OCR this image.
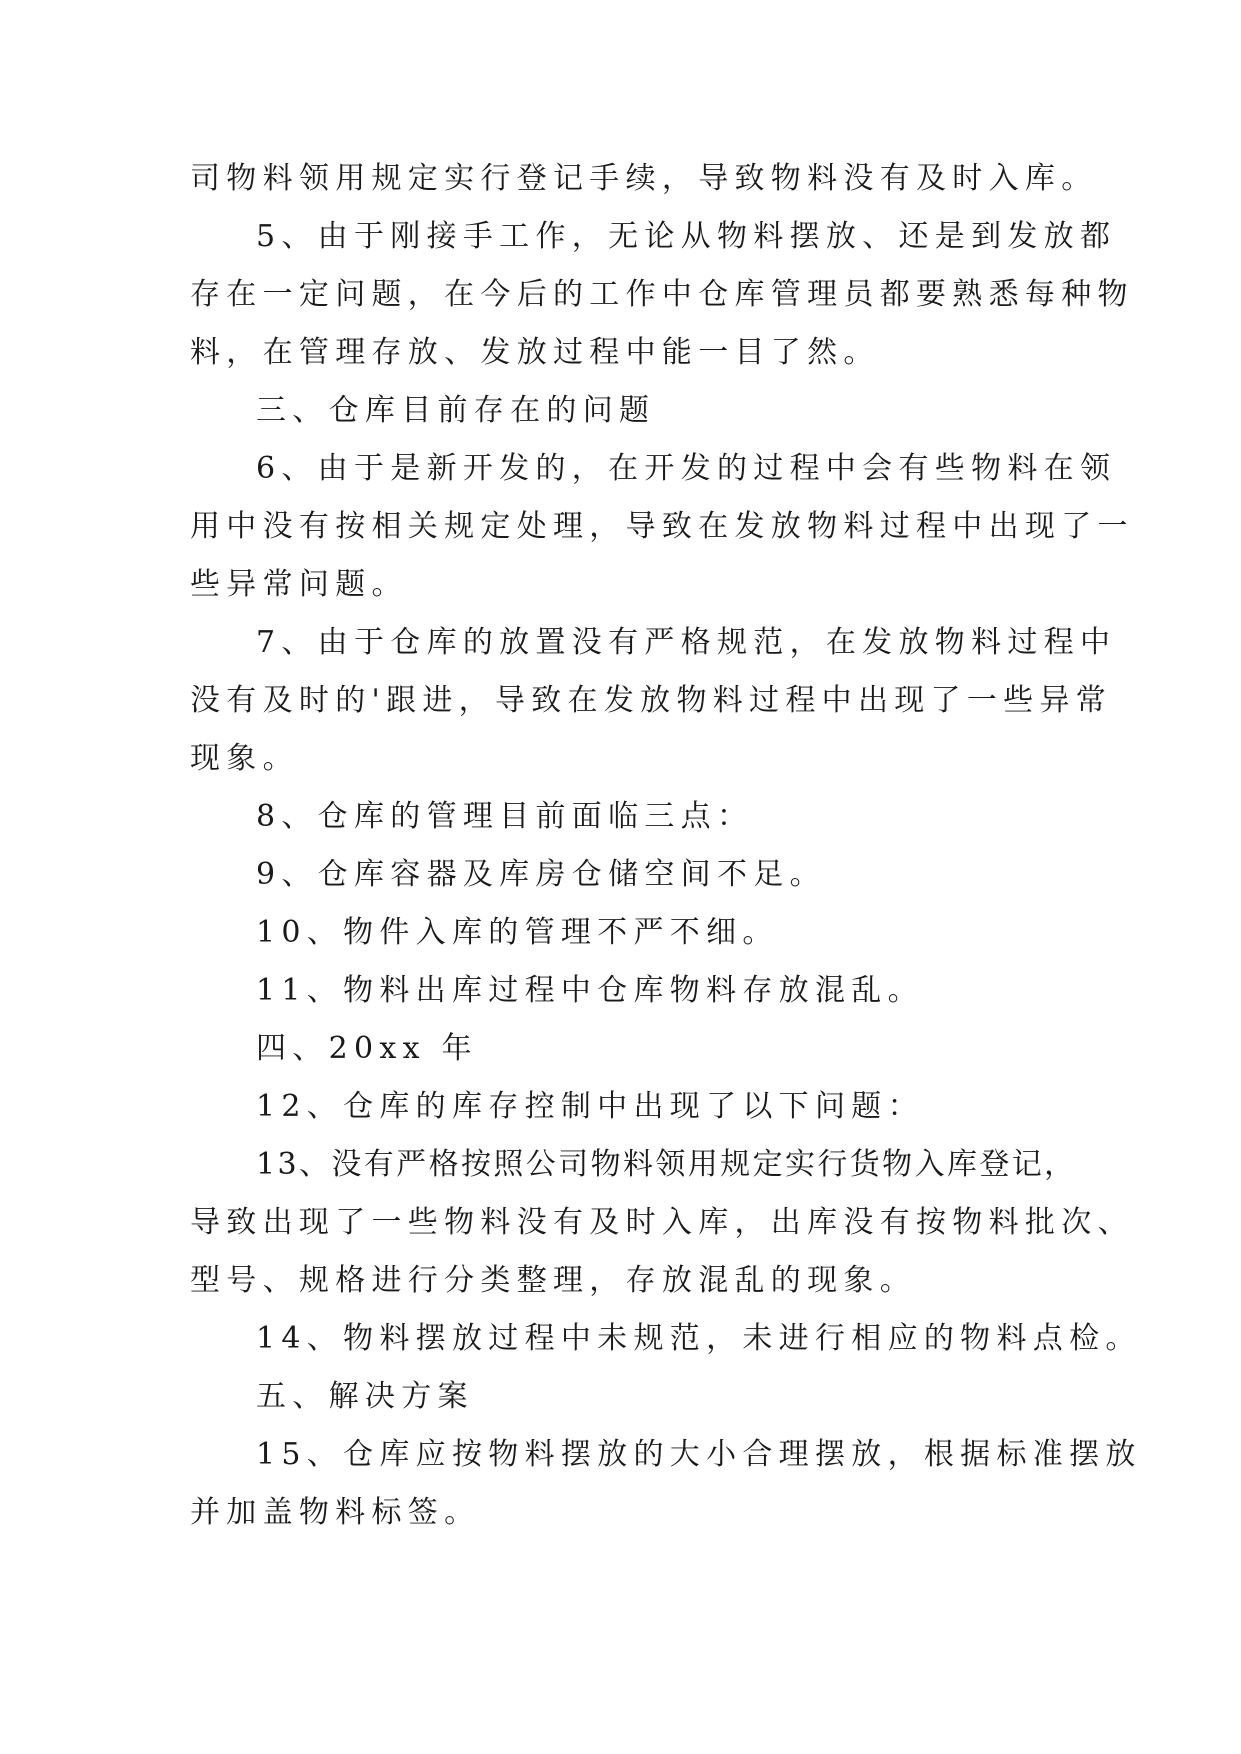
司物料领用规定实行登记手续，导致物料没有及时入库。
5、由于刚接手工作，无论从物料摆放、还是到发放都
存在一定问题，在今后的工作中仓库管理员都要熟悉每种物
料，在管理存放、发放过程中能一目了然。
三、仓库目前存在的问题
6、由于是新开发的，在开发的过程中会有些物料在领
用中没有按相关规定处理，导致在发放物料过程中出现了一
些异常问题。
7、由于仓库的放置没有严格规范，在发放物料过程中
没有及时的'跟进，导致在发放物料过程中出现了一些异常
现象。
8、仓库的管理目前面临三点：
9、仓库容器及库房仓储空间不足。
10、物件入库的管理不严不细。
11、物料出库过程中仓库物料存放混乱。
四、20xx 年
12、仓库的库存控制中出现了以下问题：
13、没有严格按照公司物料领用规定实行货物入库登记，
导致出现了一些物料没有及时入库，出库没有按物料批次、
型号、规格进行分类整理，存放混乱的现象。
14、物料摆放过程中未规范，未进行相应的物料点检。
五、解决方案
15、仓库应按物料摆放的大小合理摆放，根据标准摆放
并加盖物料标签。
